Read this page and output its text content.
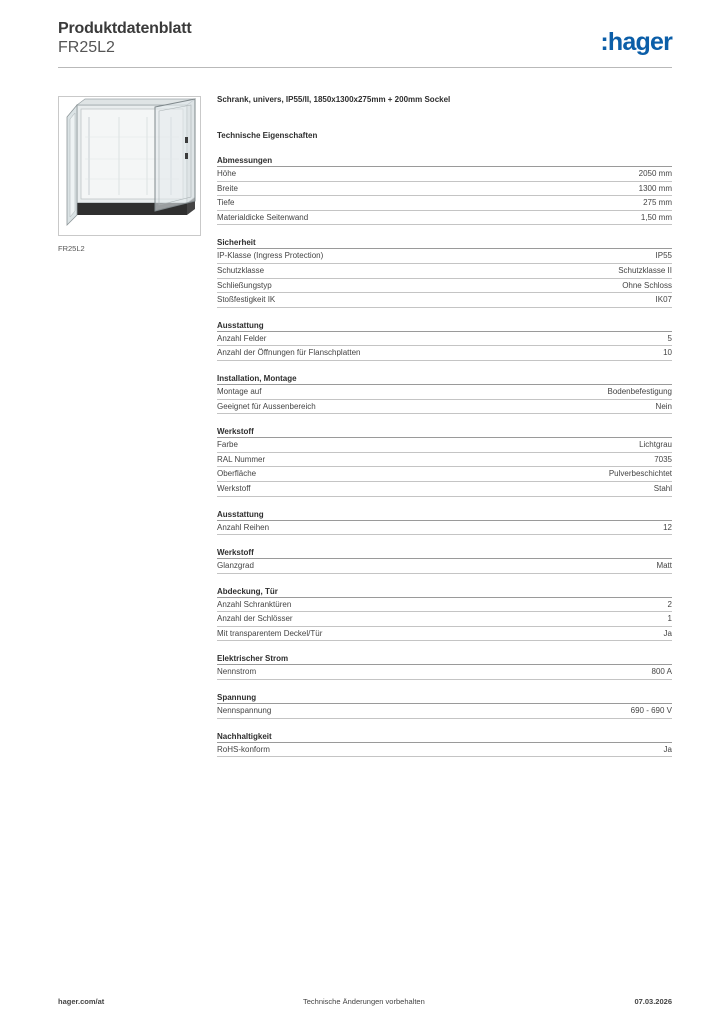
Produktdatenblatt
FR25L2	:hager
FR25L2
Schrank, univers, IP55/II, 1850x1300x275mm + 200mm Sockel
Technische Eigenschaften
Abmessungen
Höhe	2050 mm
Breite	1300 mm
Tiefe	275 mm
Materialdicke Seitenwand	1,50 mm
Sicherheit
IP-Klasse (Ingress Protection)	IP55
Schutzklasse	Schutzklasse II
Schließungstyp	Ohne Schloss
Stoßfestigkeit IK	IK07
Ausstattung
Anzahl Felder	5
Anzahl der Öffnungen für Flanschplatten	10
Installation, Montage
Montage auf	Bodenbefestigung
Geeignet für Aussenbereich	Nein
Werkstoff
Farbe	Lichtgrau
RAL Nummer	7035
Oberfläche	Pulverbeschichtet
Werkstoff	Stahl
Ausstattung
Anzahl Reihen	12
Werkstoff
Glanzgrad	Matt
Abdeckung, Tür
Anzahl Schranktüren	2
Anzahl der Schlösser	1
Mit transparentem Deckel/Tür	Ja
Elektrischer Strom
Nennstrom	800 A
Spannung
Nennspannung	690 - 690 V
Nachhaltigkeit
RoHS-konform	Ja
hager.com/at	Technische Änderungen vorbehalten	07.03.2026
